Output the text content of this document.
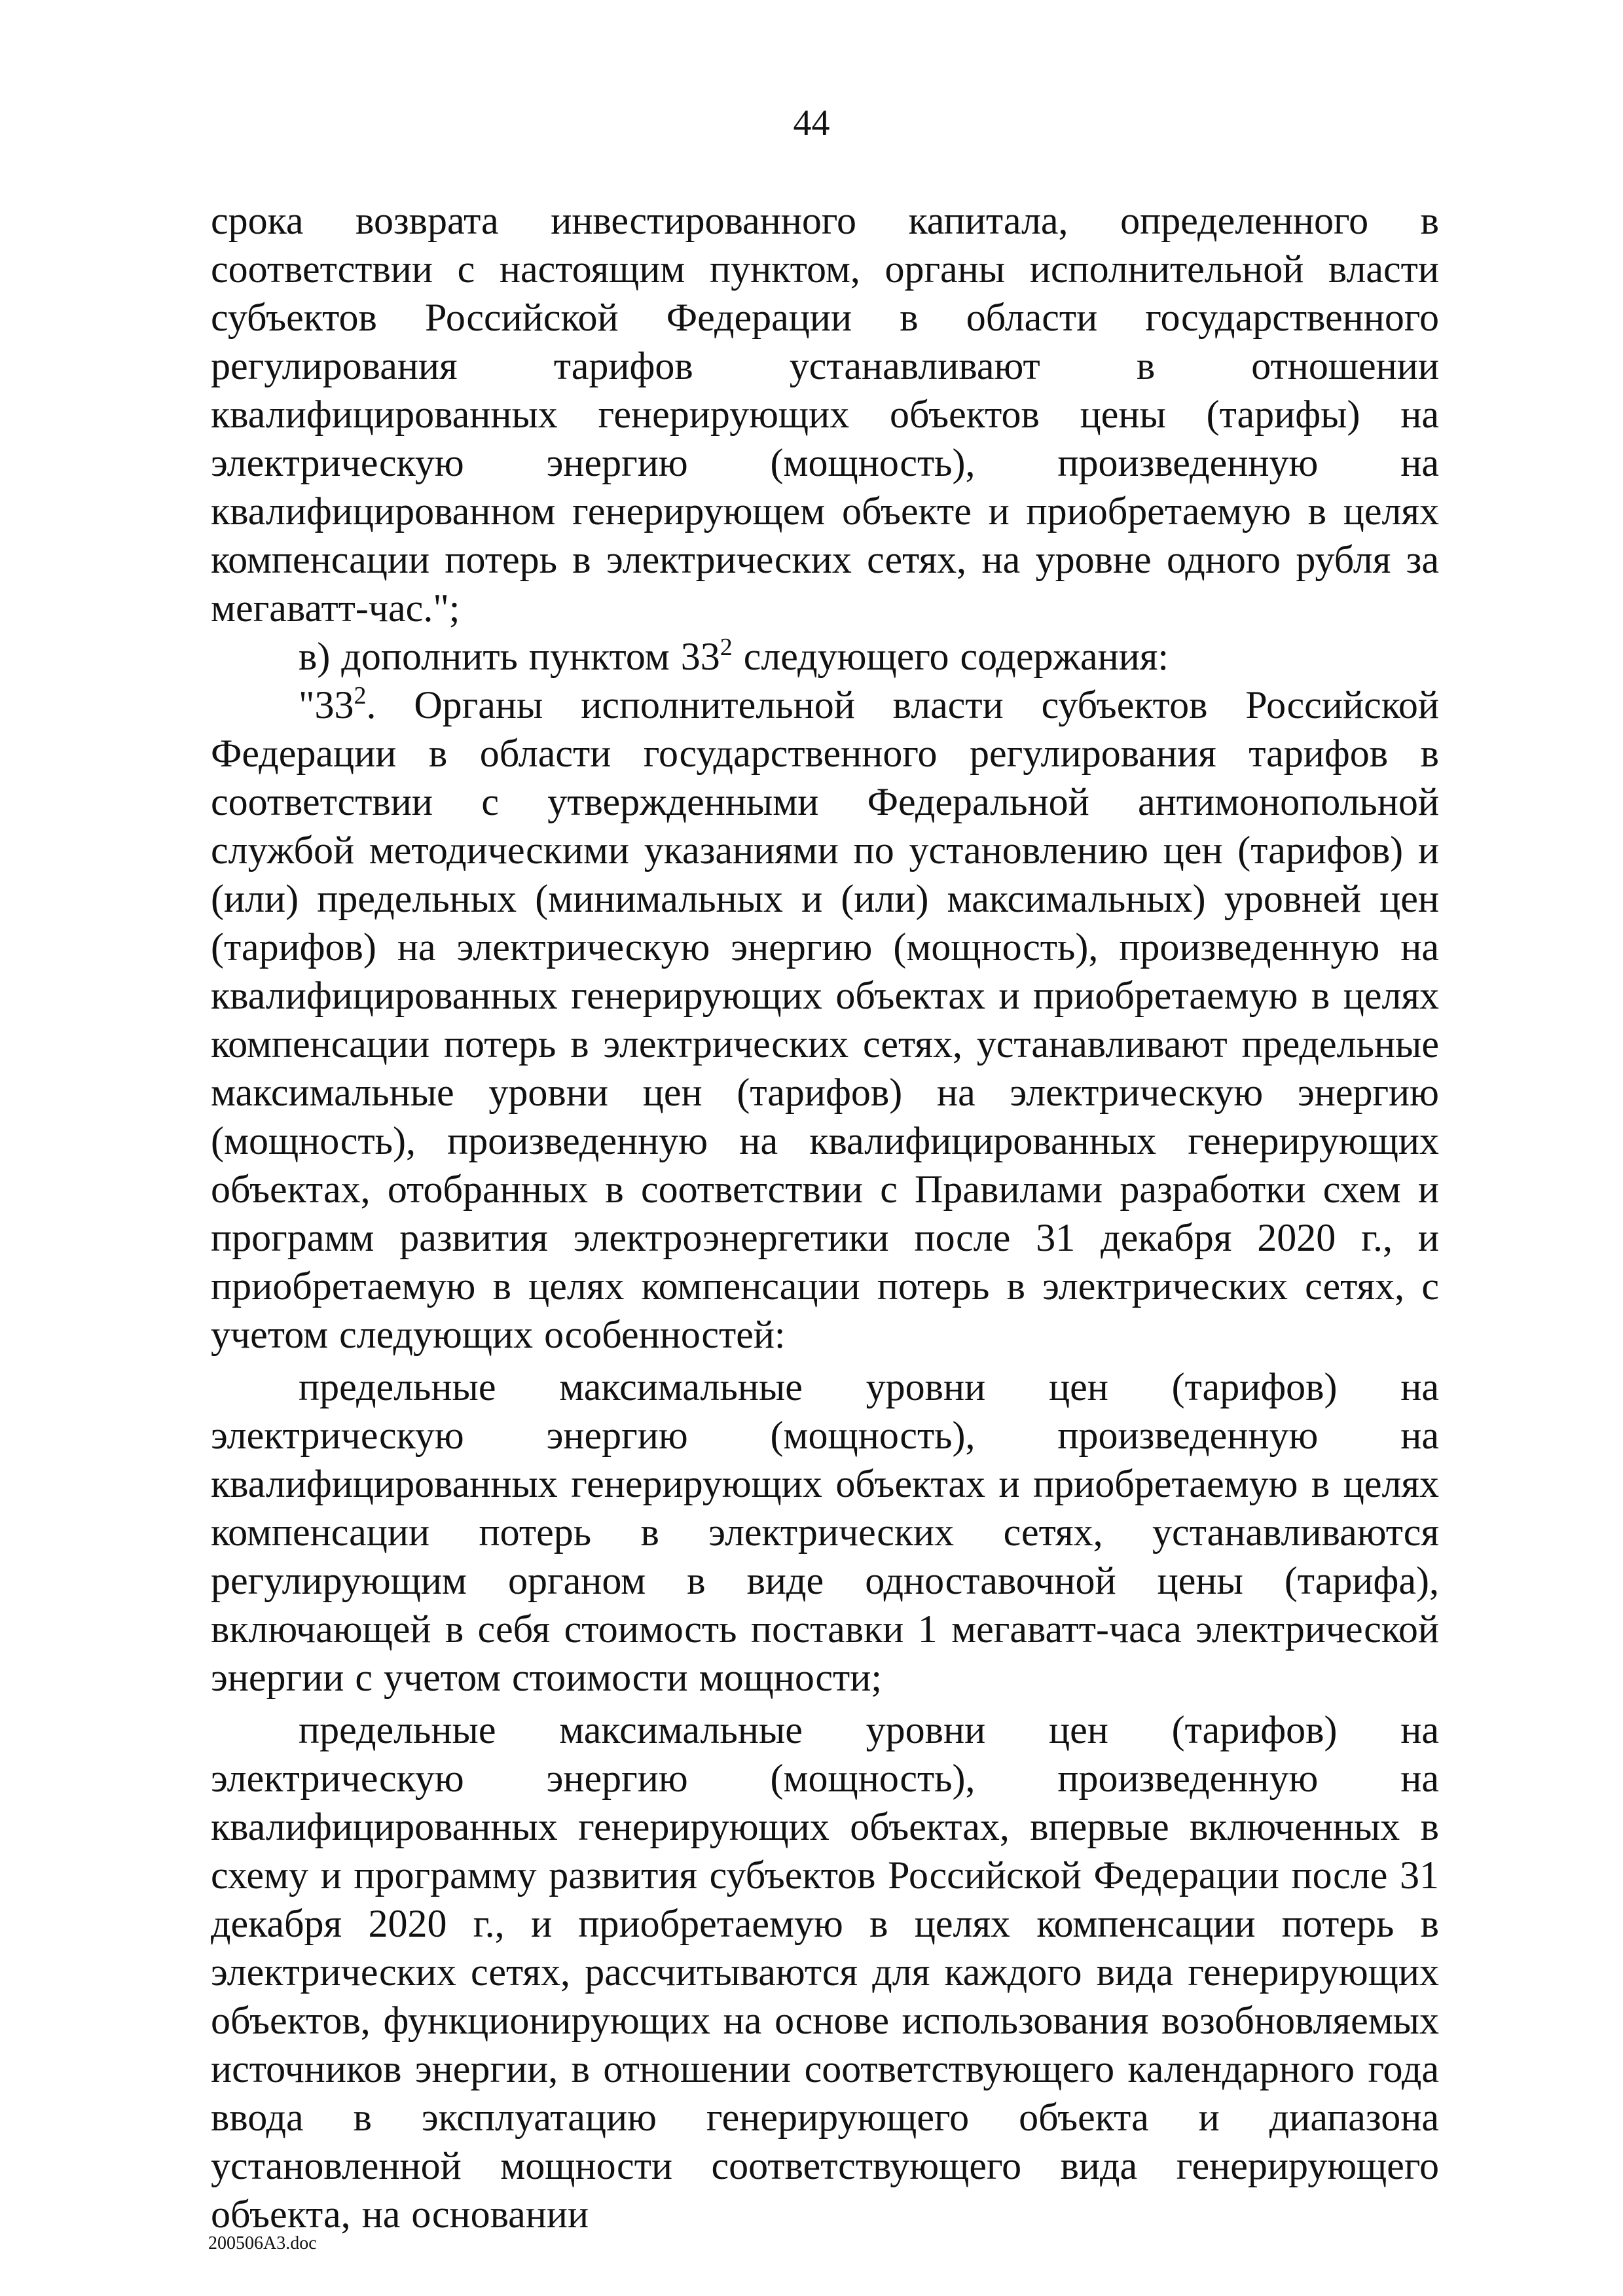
44

срока возврата инвестированного капитала, определенного в соответствии с настоящим пунктом, органы исполнительной власти субъектов Российской Федерации в области государственного регулирования тарифов устанавливают в отношении квалифицированных генерирующих объектов цены (тарифы) на электрическую энергию (мощность), произведенную на квалифицированном генерирующем объекте и приобретаемую в целях компенсации потерь в электрических сетях, на уровне одного рубля за мегаватт-час.";

в) дополнить пунктом $33^2$ следующего содержания:

"$33^2$. Органы исполнительной власти субъектов Российской Федерации в области государственного регулирования тарифов в соответствии с утвержденными Федеральной антимонопольной службой методическими указаниями по установлению цен (тарифов) и (или) предельных (минимальных и (или) максимальных) уровней цен (тарифов) на электрическую энергию (мощность), произведенную на квалифицированных генерирующих объектах и приобретаемую в целях компенсации потерь в электрических сетях, устанавливают предельные максимальные уровни цен (тарифов) на электрическую энергию (мощность), произведенную на квалифицированных генерирующих объектах, отобранных в соответствии с Правилами разработки схем и программ развития электроэнергетики после 31 декабря 2020 г., и приобретаемую в целях компенсации потерь в электрических сетях, с учетом следующих особенностей:

предельные максимальные уровни цен (тарифов) на электрическую энергию (мощность), произведенную на квалифицированных генерирующих объектах и приобретаемую в целях компенсации потерь в электрических сетях, устанавливаются регулирующим органом в виде одноставочной цены (тарифа), включающей в себя стоимость поставки 1 мегаватт-часа электрической энергии с учетом стоимости мощности;

предельные максимальные уровни цен (тарифов) на электрическую энергию (мощность), произведенную на квалифицированных генерирующих объектах, впервые включенных в схему и программу развития субъектов Российской Федерации после 31 декабря 2020 г., и приобретаемую в целях компенсации потерь в электрических сетях, рассчитываются для каждого вида генерирующих объектов, функционирующих на основе использования возобновляемых источников энергии, в отношении соответствующего календарного года ввода в эксплуатацию генерирующего объекта и диапазона установленной мощности соответствующего вида генерирующего объекта, на основании

200506A3.doc
